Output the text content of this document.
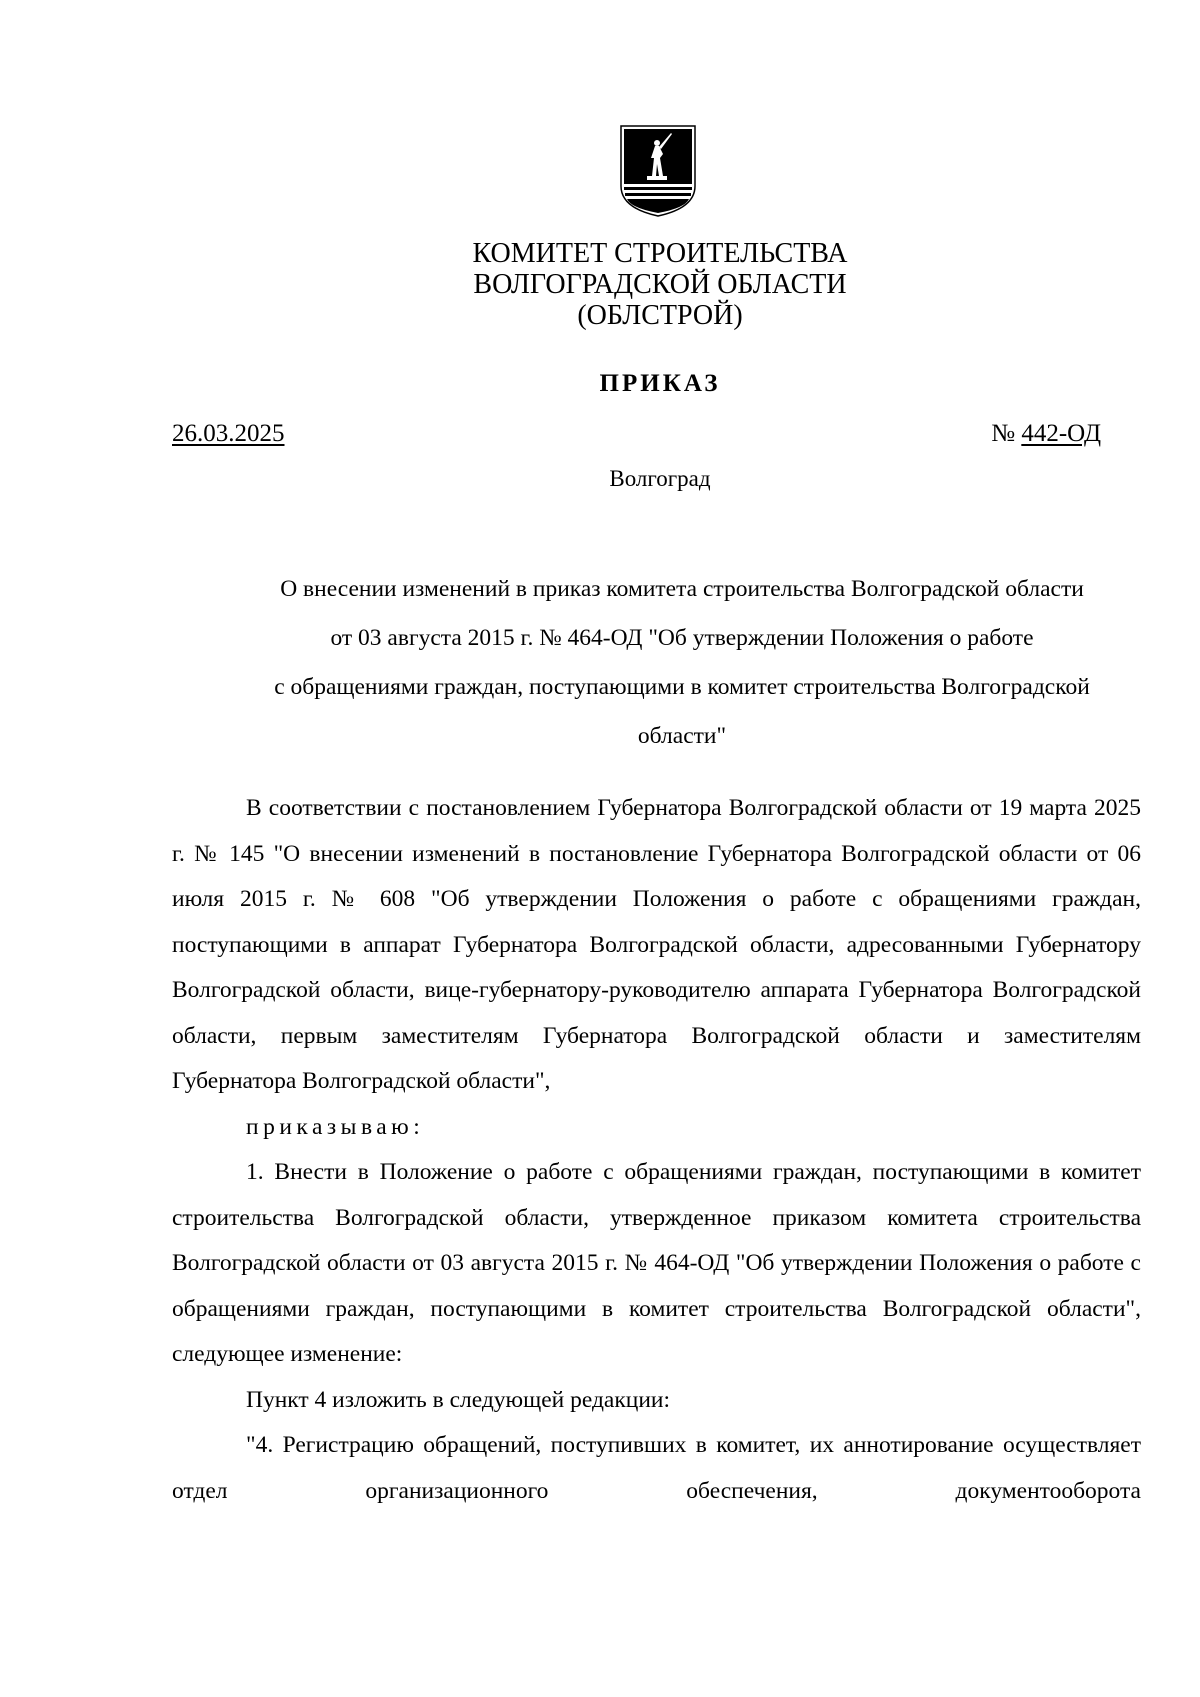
КОМИТЕТ СТРОИТЕЛЬСТВА
ВОЛГОГРАДСКОЙ ОБЛАСТИ
(ОБЛСТРОЙ)
ПРИКАЗ
26.03.2025	№ 442-ОД
Волгоград
О внесении изменений в приказ комитета строительства Волгоградской области
от 03 августа 2015 г. № 464-ОД "Об утверждении Положения о работе
с обращениями граждан, поступающими в комитет строительства Волгоградской
области"

В соответствии с постановлением Губернатора Волгоградской области от 19 марта 2025 г. № 145 "О внесении изменений в постановление Губернатора Волгоградской области от 06 июля 2015 г. № 608 "Об утверждении Положения о работе с обращениями граждан, поступающими в аппарат Губернатора Волгоградской области, адресованными Губернатору Волгоградской области, вице-губернатору-руководителю аппарата Губернатора Волгоградской области, первым заместителям Губернатора Волгоградской области и заместителям Губернатора Волгоградской области",

приказываю:

1. Внести в Положение о работе с обращениями граждан, поступающими в комитет строительства Волгоградской области, утвержденное приказом комитета строительства Волгоградской области от 03 августа 2015 г. № 464-ОД "Об утверждении Положения о работе с обращениями граждан, поступающими в комитет строительства Волгоградской области", следующее изменение:

Пункт 4 изложить в следующей редакции:

"4. Регистрацию обращений, поступивших в комитет, их аннотирование осуществляет отдел организационного обеспечения, документооборота
